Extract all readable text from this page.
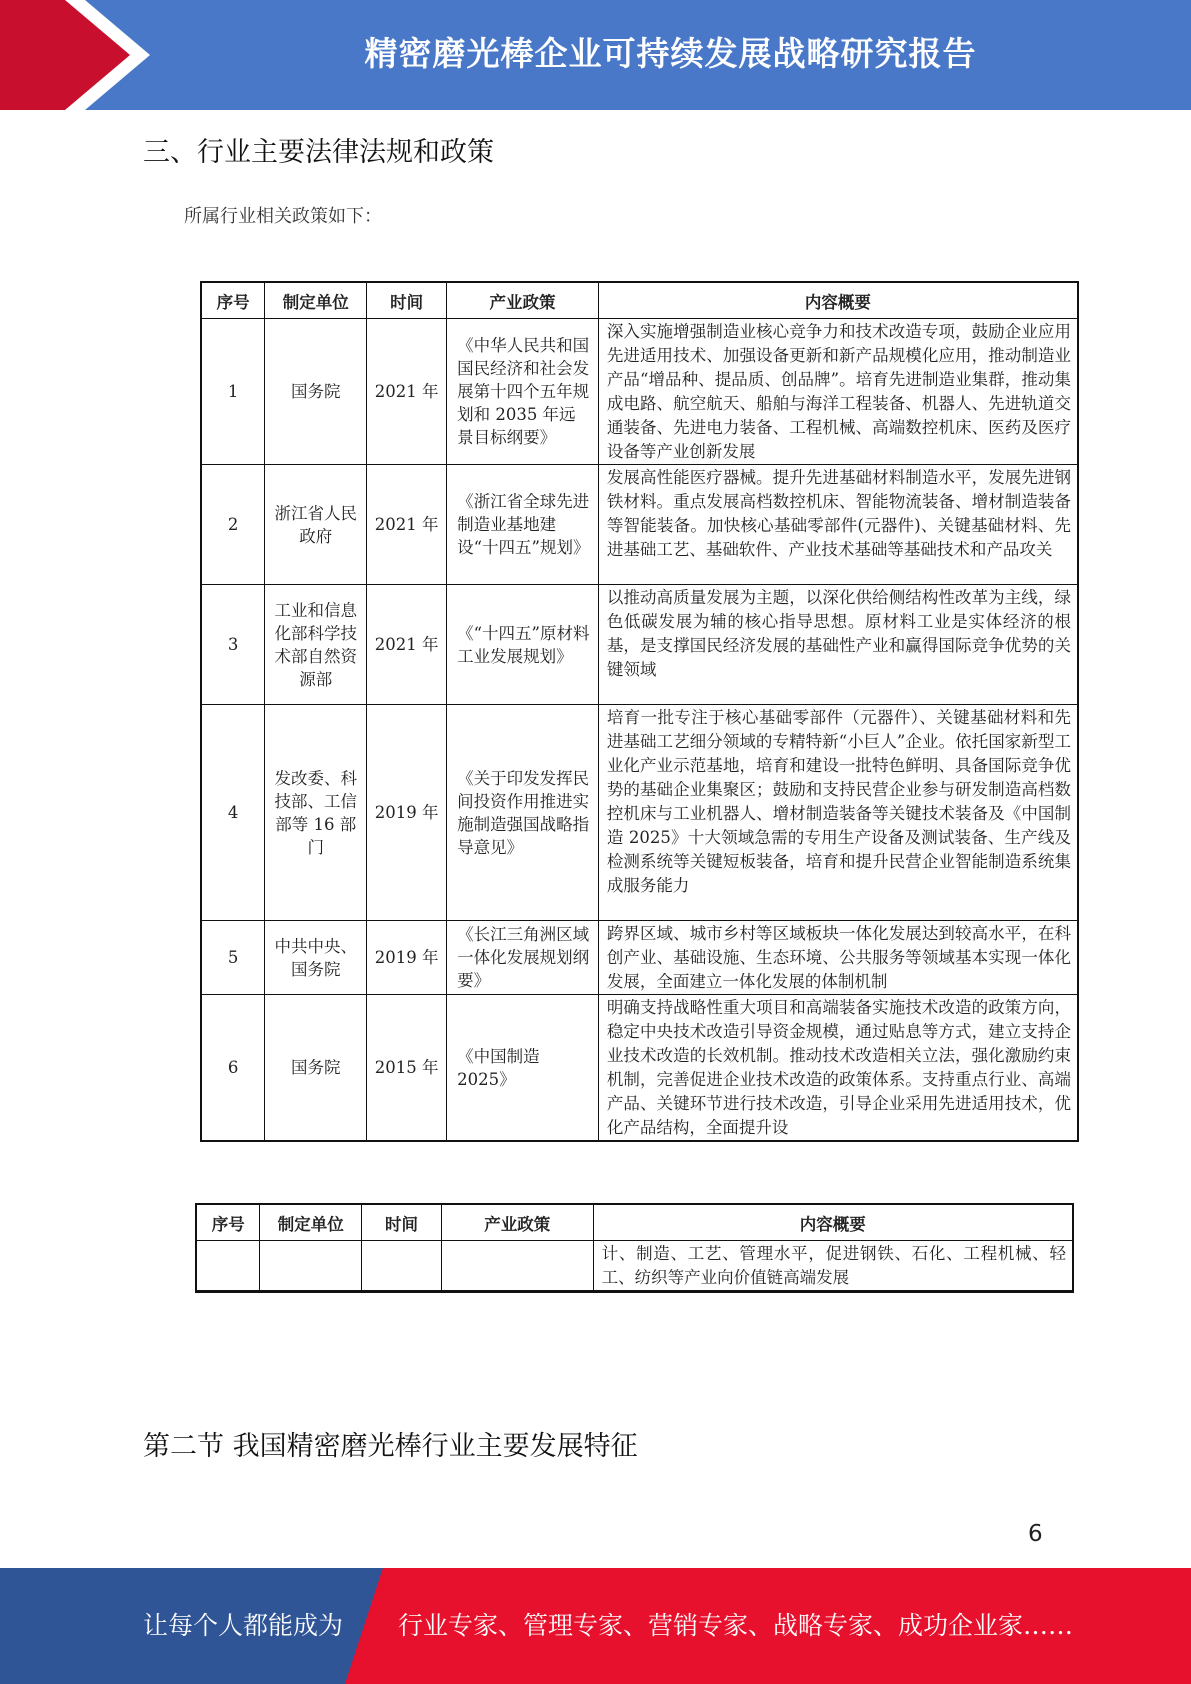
精密磨光棒企业可持续发展战略研究报告
三、行业主要法律法规和政策
所属行业相关政策如下：
序号	制定单位	时间	产业政策	内容概要
1	国务院	2021 年	《中华人民共和国国民经济和社会发展第十四个五年规划和 2035 年远景目标纲要》	深入实施增强制造业核心竞争力和技术改造专项，鼓励企业应用先进适用技术、加强设备更新和新产品规模化应用，推动制造业产品“增品种、提品质、创品牌”。培育先进制造业集群，推动集成电路、航空航天、船舶与海洋工程装备、机器人、先进轨道交通装备、先进电力装备、工程机械、高端数控机床、医药及医疗设备等产业创新发展
2	浙江省人民政府	2021 年	《浙江省全球先进制造业基地建设“十四五”规划》	发展高性能医疗器械。提升先进基础材料制造水平，发展先进钢铁材料。重点发展高档数控机床、智能物流装备、增材制造装备等智能装备。加快核心基础零部件(元器件)、关键基础材料、先进基础工艺、基础软件、产业技术基础等基础技术和产品攻关
3	工业和信息化部科学技术部自然资源部	2021 年	《“十四五”原材料工业发展规划》	以推动高质量发展为主题，以深化供给侧结构性改革为主线，绿色低碳发展为辅的核心指导思想。原材料工业是实体经济的根基，是支撑国民经济发展的基础性产业和赢得国际竞争优势的关键领域
4	发改委、科技部、工信部等 16 部门	2019 年	《关于印发发挥民间投资作用推进实施制造强国战略指导意见》	培育一批专注于核心基础零部件（元器件）、关键基础材料和先进基础工艺细分领域的专精特新“小巨人”企业。依托国家新型工业化产业示范基地，培育和建设一批特色鲜明、具备国际竞争优势的基础企业集聚区；鼓励和支持民营企业参与研发制造高档数控机床与工业机器人、增材制造装备等关键技术装备及《中国制造 2025》十大领域急需的专用生产设备及测试装备、生产线及检测系统等关键短板装备，培育和提升民营企业智能制造系统集成服务能力
5	中共中央、国务院	2019 年	《长江三角洲区域一体化发展规划纲要》	跨界区域、城市乡村等区域板块一体化发展达到较高水平，在科创产业、基础设施、生态环境、公共服务等领域基本实现一体化发展，全面建立一体化发展的体制机制
6	国务院	2015 年	《中国制造 2025》	明确支持战略性重大项目和高端装备实施技术改造的政策方向，稳定中央技术改造引导资金规模，通过贴息等方式，建立支持企业技术改造的长效机制。推动技术改造相关立法，强化激励约束机制，完善促进企业技术改造的政策体系。支持重点行业、高端产品、关键环节进行技术改造，引导企业采用先进适用技术，优化产品结构，全面提升设
序号	制定单位	时间	产业政策	内容概要
				计、制造、工艺、管理水平，促进钢铁、石化、工程机械、轻工、纺织等产业向价值链高端发展
第二节 我国精密磨光棒行业主要发展特征
6
让每个人都能成为 行业专家、管理专家、营销专家、战略专家、成功企业家……
